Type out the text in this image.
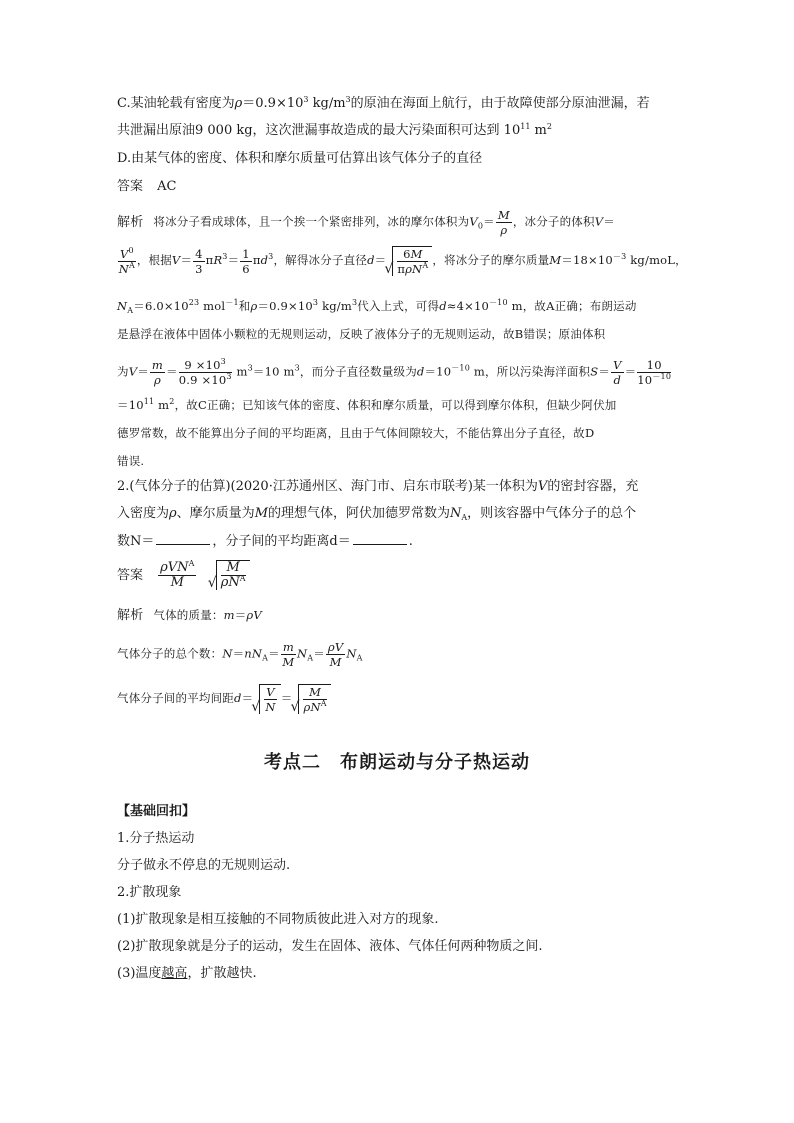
C.某油轮载有密度为$\rho=0.9\times 10^3$ $kg/m^3$的原油在海面上航行，由于故障使部分原油泄漏，若
共泄漏出原油9 000 kg，这次泄漏事故造成的最大污染面积可达到 $10^{11}$ $m^2$
D.由某气体的密度、体积和摩尔质量可估算出该气体分子的直径
答案 AC
解析 将冰分子看成球体，且一个挨一个紧密排列，冰的摩尔体积为$V_0= \frac{M}{\rho}$ ，冰分子的体积V＝
$\frac{V^0}{N^A}$ ，根据$V= \frac{4}{3} \pi R^3= \frac{1}{6} \pi d^3$，解得冰分子直径d＝ √ $\frac{6M}{\pi\rho N^A}$ ，将冰分子的摩尔质量$M=18\times 10^{-3}$ kg/moL，
$N_A=6.0\times 10^{23}$ mol$^{-1}$和$\rho=0.9\times 10^3$ $kg/m^3$代入上式，可得$d\approx 4\times 10^{-10}$ m，故A正确；布朗运动
是悬浮在液体中固体小颗粒的无规则运动，反映了液体分子的无规则运动，故B错误；原油体积
为$V= \frac{m}{\rho} = \frac{9 \times 10^3}{0.9 \times 10^3} m^3=10$ $m^3$，而分子直径数量级为$d=10^{-10}$ m，所以污染海洋面积$S= \frac{V}{d} = \frac{10}{10^{-10}}$
$=10^{11}$ $m^2$，故C正确；已知该气体的密度、体积和摩尔质量，可以得到摩尔体积，但缺少阿伏加
德罗常数，故不能算出分子间的平均距离，且由于气体间隙较大，不能估算出分子直径，故D
错误.
2.(气体分子的估算)(2020·江苏通州区、海门市、启东市联考)某一体积为V的密封容器，充
入密度为ρ、摩尔质量为M的理想气体，阿伏加德罗常数为$N_A$，则该容器中气体分子的总个
数N＝	，分子间的平均距离d＝	.
答案 $\frac{\rho VN^A}{M}$
√ $\frac{M}{\rho N^A}$
解析 气体的质量：m＝ρV
气体分子的总个数：$N=nN_A= \frac{m}{M} N_A= \frac{\rho V}{M} N_A$
气体分子间的平均间距d＝ √ $\frac{V}{N}$ ＝ √ $\frac{M}{\rho N^A}$
考点二　布朗运动与分子热运动
【基础回扣】
1.分子热运动
分子做永不停息的无规则运动.
2.扩散现象
(1)扩散现象是相互接触的不同物质彼此进入对方的现象.
(2)扩散现象就是分子的运动，发生在固体、液体、气体任何两种物质之间.
(3)温度越高，扩散越快.
